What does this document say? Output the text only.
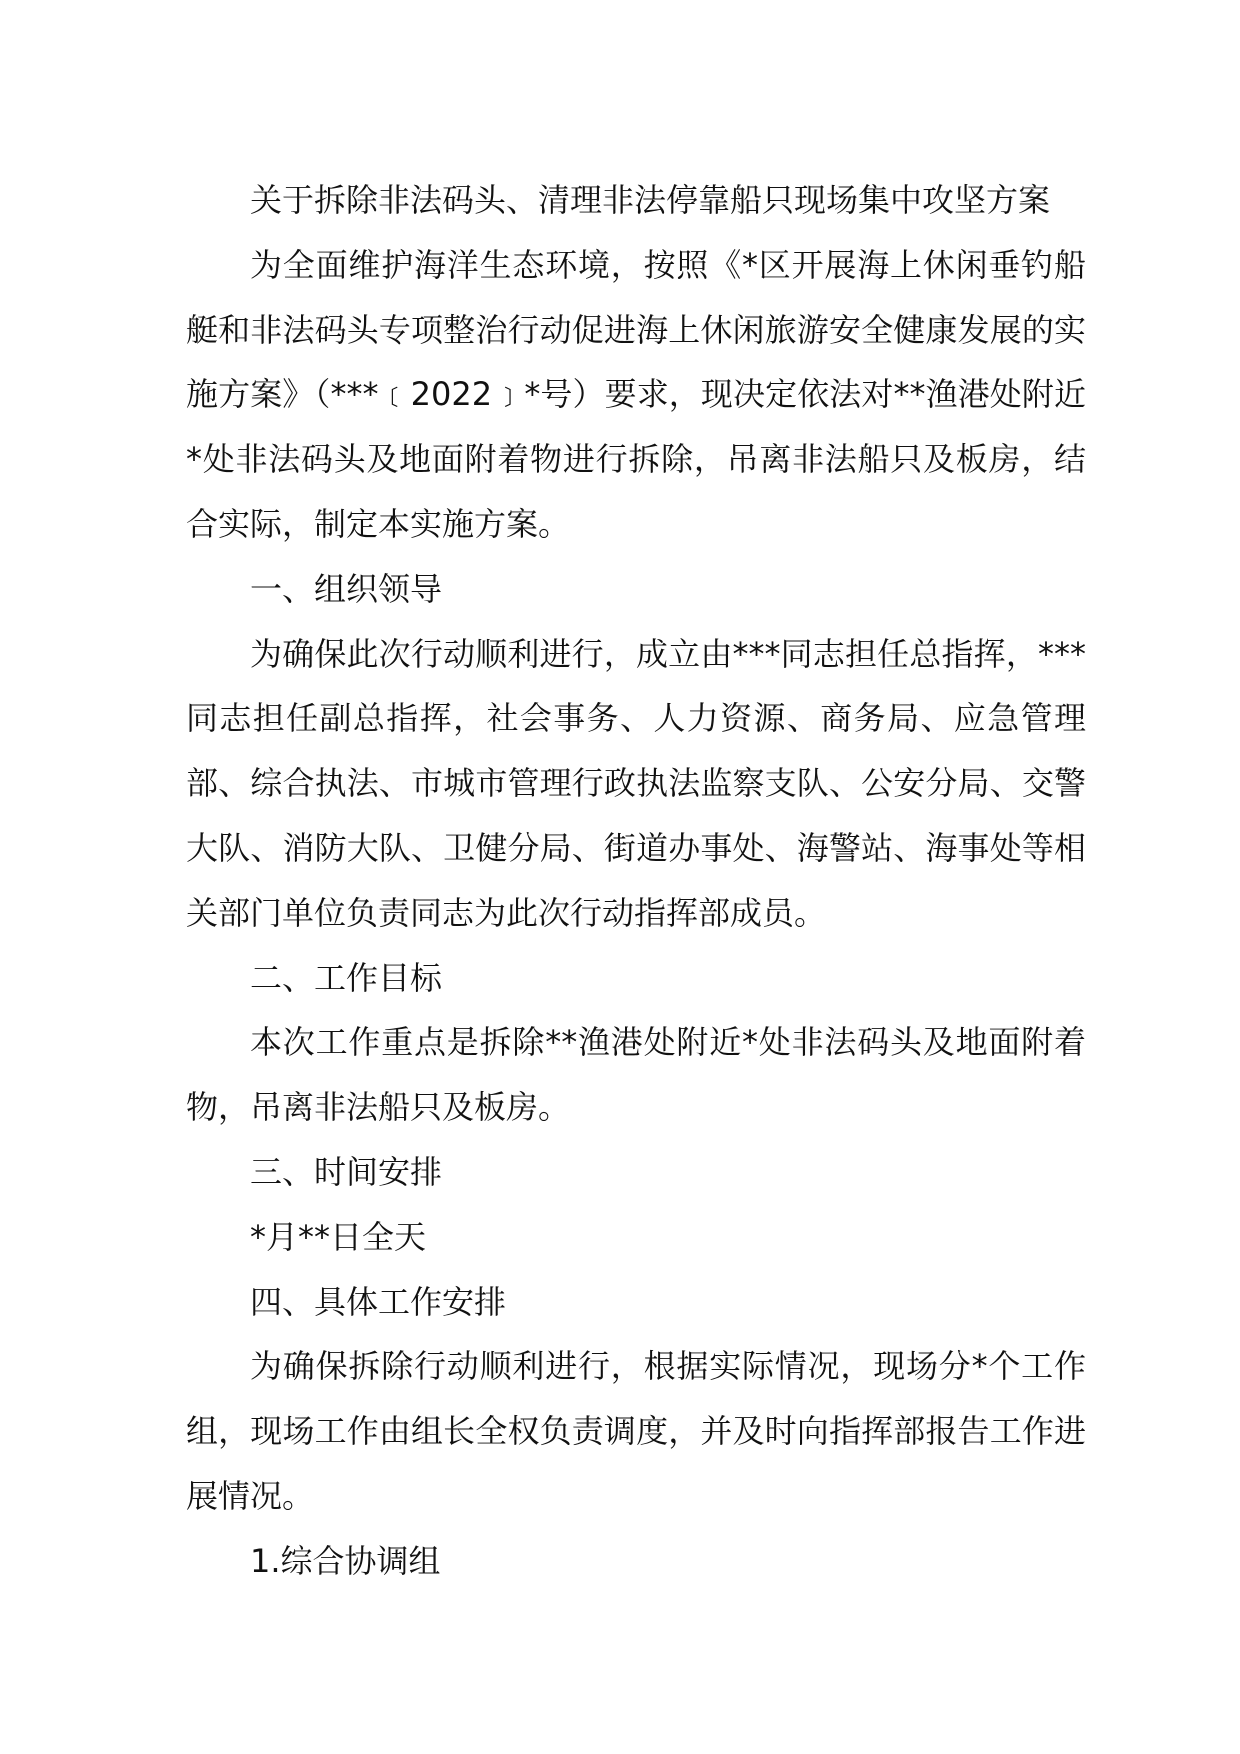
关于拆除非法码头、清理非法停靠船只现场集中攻坚方案

为全面维护海洋生态环境，按照《*区开展海上休闲垂钓船艇和非法码头专项整治行动促进海上休闲旅游安全健康发展的实施方案》（***﹝2022﹞*号）要求，现决定依法对**渔港处附近*处非法码头及地面附着物进行拆除，吊离非法船只及板房，结合实际，制定本实施方案。

一、组织领导

为确保此次行动顺利进行，成立由***同志担任总指挥，***同志担任副总指挥，社会事务、人力资源、商务局、应急管理部、综合执法、市城市管理行政执法监察支队、公安分局、交警大队、消防大队、卫健分局、街道办事处、海警站、海事处等相关部门单位负责同志为此次行动指挥部成员。

二、工作目标

本次工作重点是拆除**渔港处附近*处非法码头及地面附着物，吊离非法船只及板房。

三、时间安排

*月**日全天

四、具体工作安排

为确保拆除行动顺利进行，根据实际情况，现场分*个工作组，现场工作由组长全权负责调度，并及时向指挥部报告工作进展情况。

1.综合协调组
